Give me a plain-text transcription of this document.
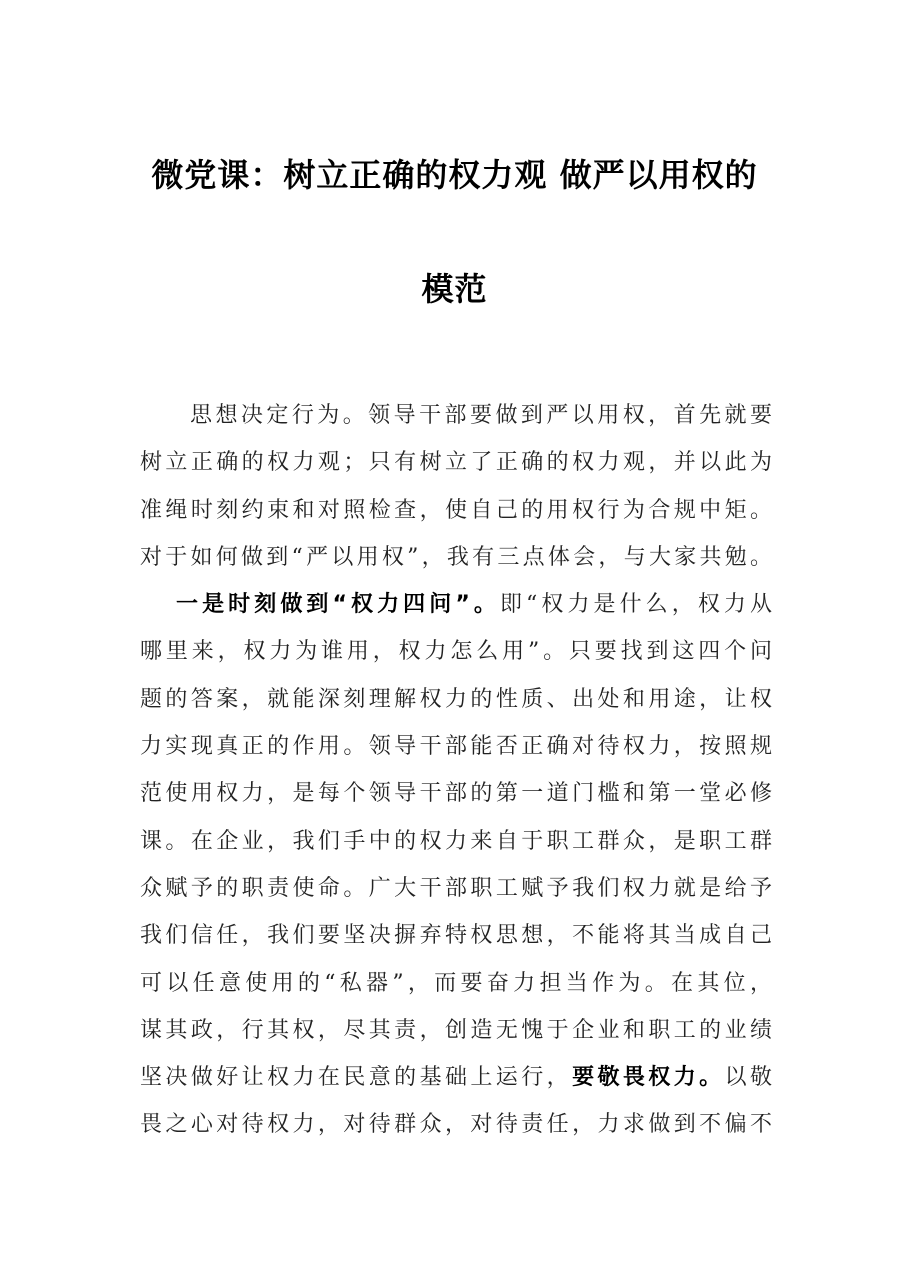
微党课：树立正确的权力观 做严以用权的
模范
思想决定行为。领导干部要做到严以用权，首先就要
树立正确的权力观；只有树立了正确的权力观，并以此为
准绳时刻约束和对照检查，使自己的用权行为合规中矩。
对于如何做到“严以用权”，我有三点体会，与大家共勉。
一是时刻做到“权力四问”。即“权力是什么，权力从
哪里来，权力为谁用，权力怎么用”。只要找到这四个问
题的答案，就能深刻理解权力的性质、出处和用途，让权
力实现真正的作用。领导干部能否正确对待权力，按照规
范使用权力，是每个领导干部的第一道门槛和第一堂必修
课。在企业，我们手中的权力来自于职工群众，是职工群
众赋予的职责使命。广大干部职工赋予我们权力就是给予
我们信任，我们要坚决摒弃特权思想，不能将其当成自己
可以任意使用的“私器”，而要奋力担当作为。在其位，
谋其政，行其权，尽其责，创造无愧于企业和职工的业绩
坚决做好让权力在民意的基础上运行，要敬畏权力。以敬
畏之心对待权力，对待群众，对待责任，力求做到不偏不
